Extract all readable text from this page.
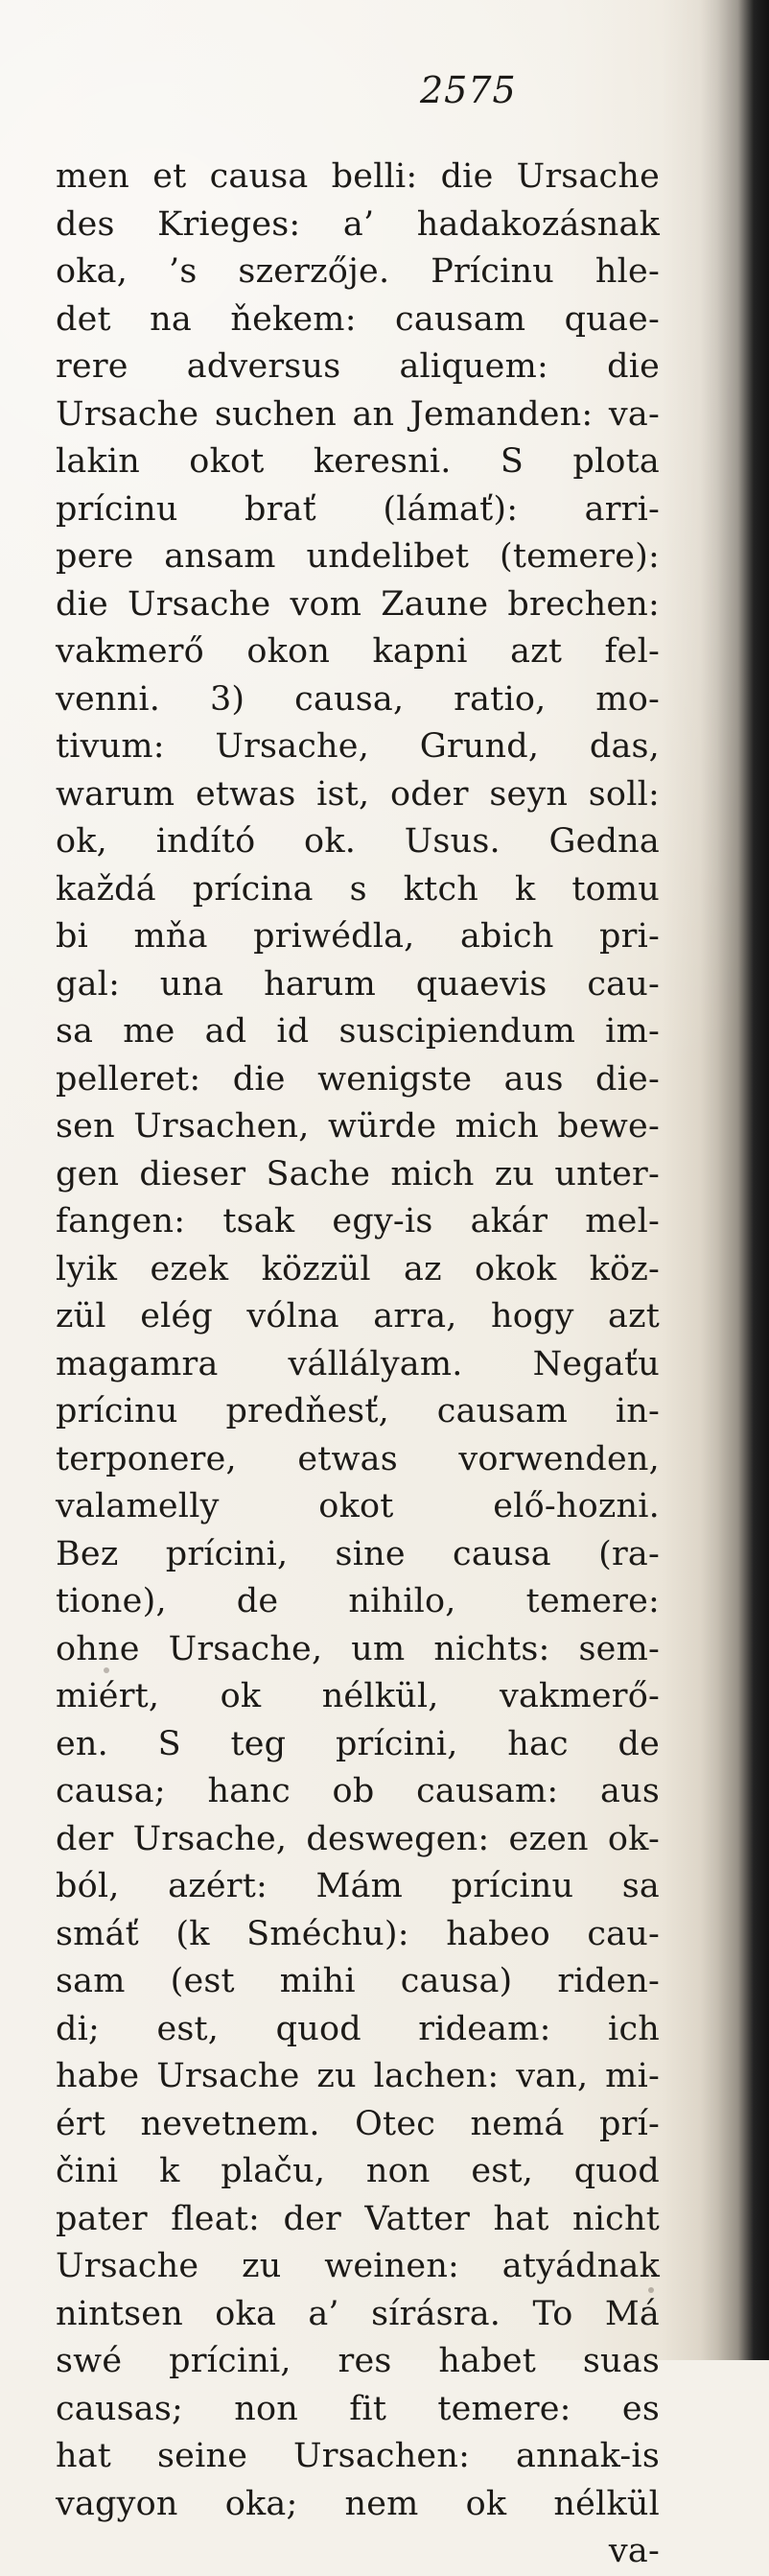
2575
men et causa belli: die Ursache
des Krieges: a’ hadakozásnak
oka, ’s szerzője. Prícinu hle-
det na ňekem: causam quae-
rere adversus aliquem: die
Ursache suchen an Jemanden: va-
lakin okot keresni. S plota
prícinu brať (lámať): arri-
pere ansam undelibet (temere):
die Ursache vom Zaune brechen:
vakmerő okon kapni azt fel-
venni. 3) causa, ratio, mo-
tivum: Ursache, Grund, das,
warum etwas ist, oder seyn soll:
ok, indító ok. Usus. Gedna
každá prícina s ktch k tomu
bi mňa priwédla, abich pri-
gal: una harum quaevis cau-
sa me ad id suscipiendum im-
pelleret: die wenigste aus die-
sen Ursachen, würde mich bewe-
gen dieser Sache mich zu unter-
fangen: tsak egy-is akár mel-
lyik ezek közzül az okok köz-
zül elég vólna arra, hogy azt
magamra vállályam. Negaťu
prícinu predňesť, causam in-
terponere, etwas vorwenden,
valamelly okot elő-hozni.
Bez prícini, sine causa (ra-
tione), de nihilo, temere:
ohne Ursache, um nichts: sem-
miért, ok nélkül, vakmerő-
en. S teg prícini, hac de
causa; hanc ob causam: aus
der Ursache, deswegen: ezen ok-
ból, azért: Mám prícinu sa
smáť (k Sméchu): habeo cau-
sam (est mihi causa) riden-
di; est, quod rideam: ich
habe Ursache zu lachen: van, mi-
ért nevetnem. Otec nemá prí-
čini k plaču, non est, quod
pater fleat: der Vatter hat nicht
Ursache zu weinen: atyádnak
nintsen oka a’ sírásra. To Má
swé prícini, res habet suas
causas; non fit temere: es
hat seine Ursachen: annak-is
vagyon oka; nem ok nélkül
va-
